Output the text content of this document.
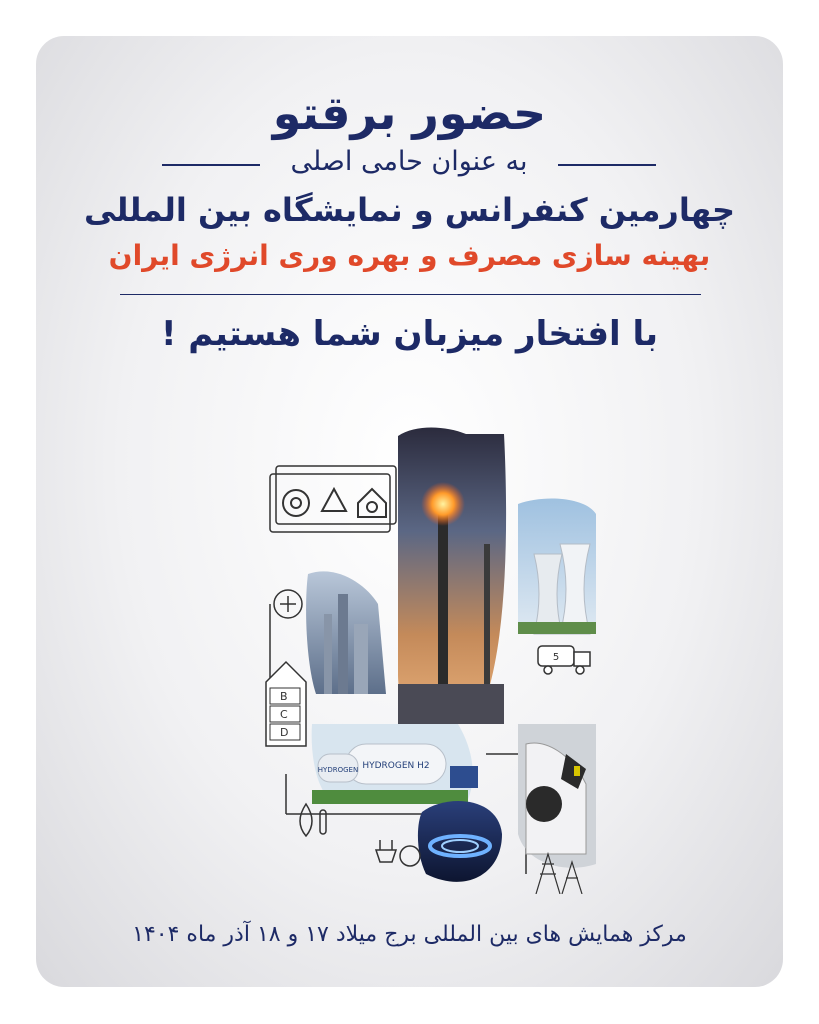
حضور برقتو
به عنوان حامی اصلی
چهارمین کنفرانس و نمایشگاه بین المللی
بهینه سازی مصرف و بهره وری انرژی ایران
با افتخار میزبان شما هستیم !
5
B
C
D
HYDROGEN H2
HYDROGEN
مرکز همایش های بین المللی برج میلاد ۱۷ و ۱۸ آذر ماه ۱۴۰۴
